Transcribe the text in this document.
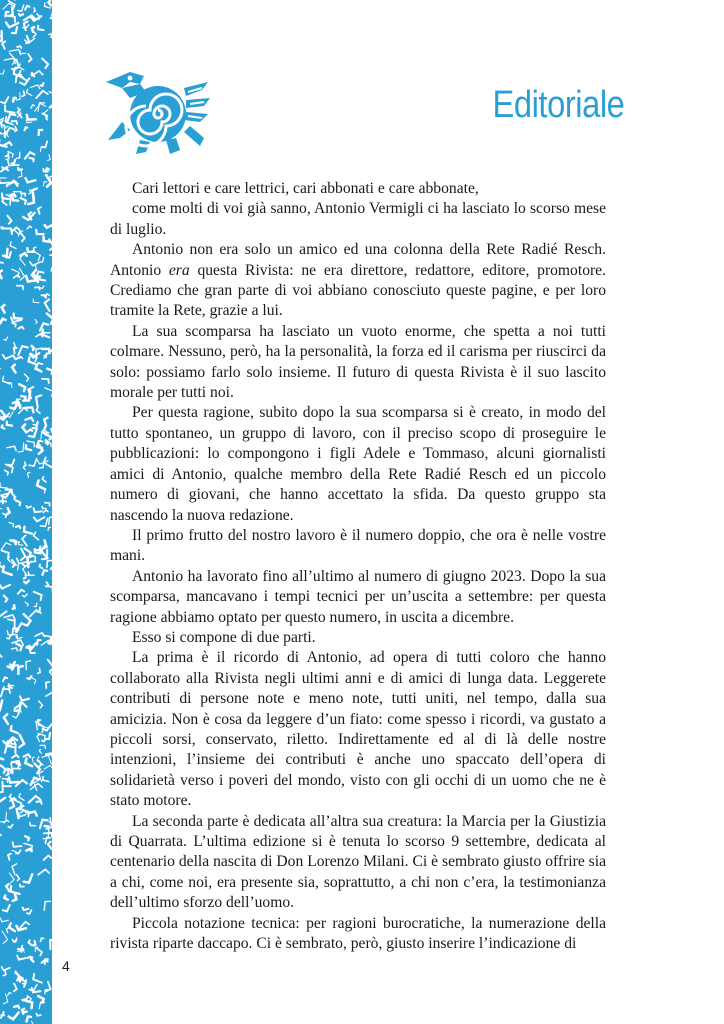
Editoriale

Cari lettori e care lettrici, cari abbonati e care abbonate,

come molti di voi già sanno, Antonio Vermigli ci ha lasciato lo scorso mese di luglio.

Antonio non era solo un amico ed una colonna della Rete Radié Resch. Antonio era questa Rivista: ne era direttore, redattore, editore, promotore. Crediamo che gran parte di voi abbiano conosciuto queste pagine, e per loro tramite la Rete, grazie a lui.

La sua scomparsa ha lasciato un vuoto enorme, che spetta a noi tutti colmare. Nessuno, però, ha la personalità, la forza ed il carisma per riuscirci da solo: possiamo farlo solo insieme. Il futuro di questa Rivista è il suo lascito morale per tutti noi.

Per questa ragione, subito dopo la sua scomparsa si è creato, in modo del tutto spontaneo, un gruppo di lavoro, con il preciso scopo di proseguire le pubblicazioni: lo compongono i figli Adele e Tommaso, alcuni giornalisti amici di Antonio, qualche membro della Rete Radié Resch ed un piccolo numero di giovani, che hanno accettato la sfida. Da questo gruppo sta nascendo la nuova redazione.

Il primo frutto del nostro lavoro è il numero doppio, che ora è nelle vostre mani.

Antonio ha lavorato fino all’ultimo al numero di giugno 2023. Dopo la sua scomparsa, mancavano i tempi tecnici per un’uscita a settembre: per questa ragione abbiamo optato per questo numero, in uscita a dicembre.

Esso si compone di due parti.

La prima è il ricordo di Antonio, ad opera di tutti coloro che hanno collaborato alla Rivista negli ultimi anni e di amici di lunga data. Leggerete contributi di persone note e meno note, tutti uniti, nel tempo, dalla sua amicizia. Non è cosa da leggere d’un fiato: come spesso i ricordi, va gustato a piccoli sorsi, conservato, riletto. Indirettamente ed al di là delle nostre intenzioni, l’insieme dei contributi è anche uno spaccato dell’opera di solidarietà verso i poveri del mondo, visto con gli occhi di un uomo che ne è stato motore.

La seconda parte è dedicata all’altra sua creatura: la Marcia per la Giustizia di Quarrata. L’ultima edizione si è tenuta lo scorso 9 settembre, dedicata al centenario della nascita di Don Lorenzo Milani. Ci è sembrato giusto offrire sia a chi, come noi, era presente sia, soprattutto, a chi non c’era, la testimonianza dell’ultimo sforzo dell’uomo.

Piccola notazione tecnica: per ragioni burocratiche, la numerazione della rivista riparte daccapo. Ci è sembrato, però, giusto inserire l’indicazione di

4
